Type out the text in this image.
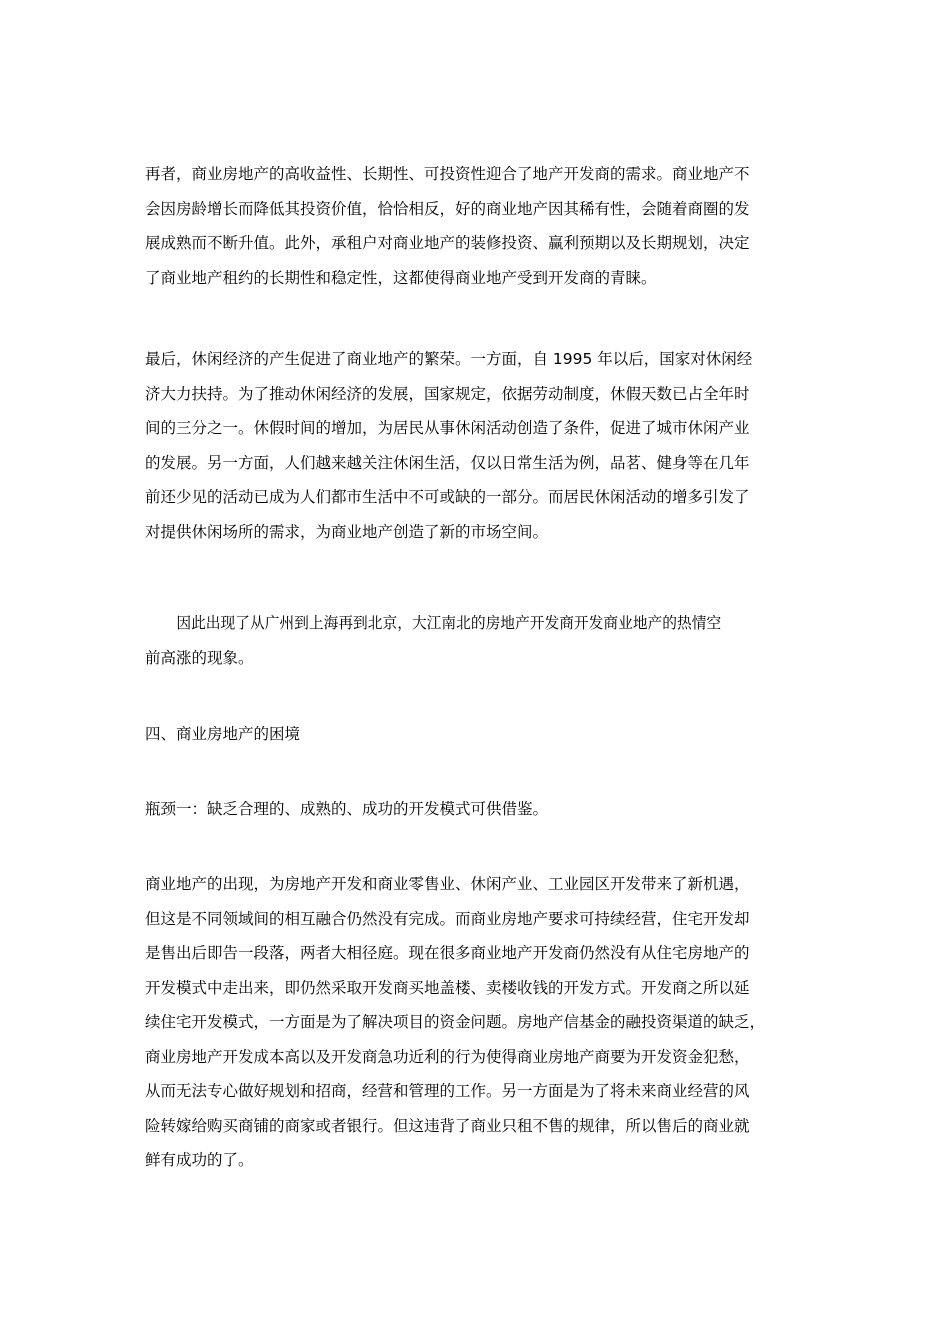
再者，商业房地产的高收益性、长期性、可投资性迎合了地产开发商的需求。商业地产不
会因房龄增长而降低其投资价值，恰恰相反，好的商业地产因其稀有性，会随着商圈的发
展成熟而不断升值。此外，承租户对商业地产的装修投资、赢利预期以及长期规划，决定
了商业地产租约的长期性和稳定性，这都使得商业地产受到开发商的青睐。
最后，休闲经济的产生促进了商业地产的繁荣。一方面，自 1995 年以后，国家对休闲经
济大力扶持。为了推动休闲经济的发展，国家规定，依据劳动制度，休假天数已占全年时
间的三分之一。休假时间的增加，为居民从事休闲活动创造了条件，促进了城市休闲产业
的发展。另一方面，人们越来越关注休闲生活，仅以日常生活为例，品茗、健身等在几年
前还少见的活动已成为人们都市生活中不可或缺的一部分。而居民休闲活动的增多引发了
对提供休闲场所的需求，为商业地产创造了新的市场空间。
因此出现了从广州到上海再到北京，大江南北的房地产开发商开发商业地产的热情空
前高涨的现象。
四、商业房地产的困境
瓶颈一：缺乏合理的、成熟的、成功的开发模式可供借鉴。
商业地产的出现，为房地产开发和商业零售业、休闲产业、工业园区开发带来了新机遇，
但这是不同领域间的相互融合仍然没有完成。而商业房地产要求可持续经营，住宅开发却
是售出后即告一段落，两者大相径庭。现在很多商业地产开发商仍然没有从住宅房地产的
开发模式中走出来，即仍然采取开发商买地盖楼、卖楼收钱的开发方式。开发商之所以延
续住宅开发模式，一方面是为了解决项目的资金问题。房地产信基金的融投资渠道的缺乏，
商业房地产开发成本高以及开发商急功近利的行为使得商业房地产商要为开发资金犯愁，
从而无法专心做好规划和招商，经营和管理的工作。另一方面是为了将未来商业经营的风
险转嫁给购买商铺的商家或者银行。但这违背了商业只租不售的规律，所以售后的商业就
鲜有成功的了。
